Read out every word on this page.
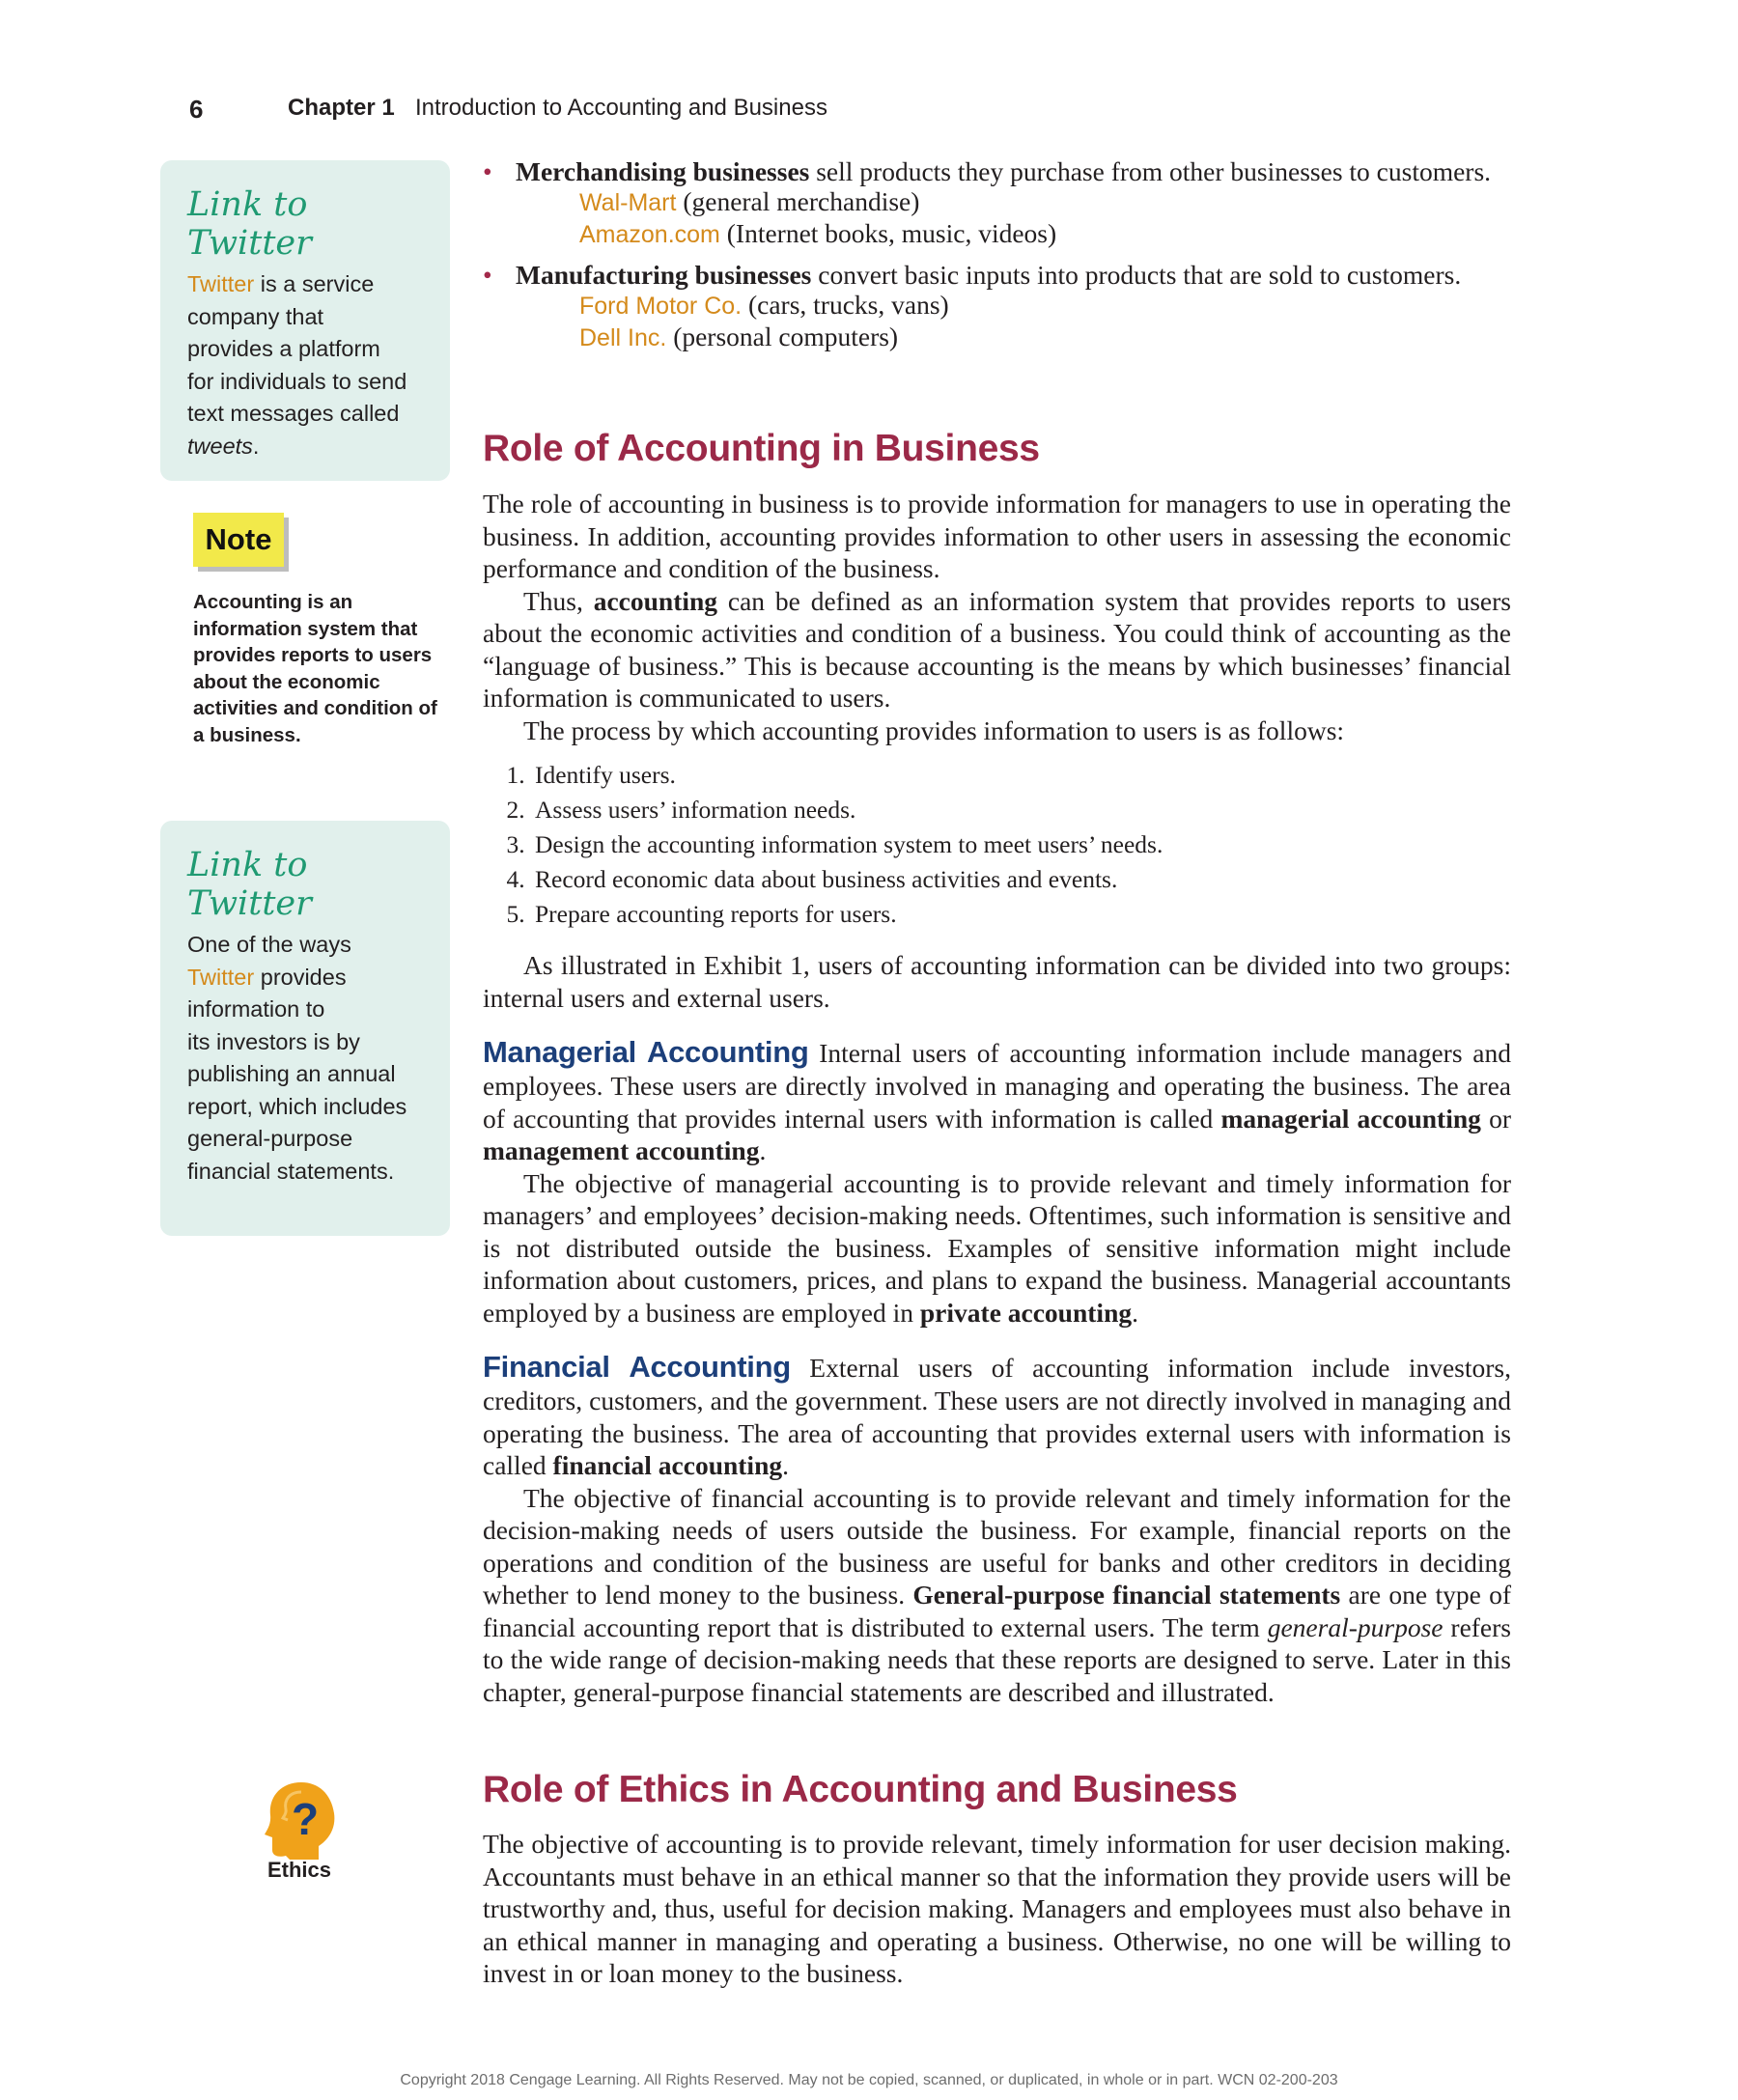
6	Chapter 1 Introduction to Accounting and Business
Link to
Twitter
Twitter is a service
company that
provides a platform
for individuals to send
text messages called
tweets.
Note
Accounting is an
information system that
provides reports to users
about the economic
activities and condition of
a business.
Link to
Twitter
One of the ways
Twitter provides
information to
its investors is by
publishing an annual
report, which includes
general-purpose
financial statements.
?
Ethics
• Merchandising businesses sell products they purchase from other businesses to customers.
Wal-Mart (general merchandise)
Amazon.com (Internet books, music, videos)
• Manufacturing businesses convert basic inputs into products that are sold to customers.
Ford Motor Co. (cars, trucks, vans)
Dell Inc. (personal computers)
Role of Accounting in Business

The role of accounting in business is to provide information for managers to use in operating the business. In addition, accounting provides information to other users in assessing the economic performance and condition of the business.

Thus, accounting can be defined as an information system that provides reports to users about the economic activities and condition of a business. You could think of accounting as the “language of business.” This is because accounting is the means by which businesses’ financial information is communicated to users.

The process by which accounting provides information to users is as follows:

1. Identify users.
2. Assess users’ information needs.
3. Design the accounting information system to meet users’ needs.
4. Record economic data about business activities and events.
5. Prepare accounting reports for users.

As illustrated in Exhibit 1, users of accounting information can be divided into two groups: internal users and external users.

Managerial Accounting Internal users of accounting information include managers and employees. These users are directly involved in managing and operating the business. The area of accounting that provides internal users with information is called managerial accounting or management accounting.

The objective of managerial accounting is to provide relevant and timely information for managers’ and employees’ decision-making needs. Oftentimes, such information is sensitive and is not distributed outside the business. Examples of sensitive information might include information about customers, prices, and plans to expand the business. Managerial accountants employed by a business are employed in private accounting.

Financial Accounting External users of accounting information include investors, creditors, customers, and the government. These users are not directly involved in managing and operating the business. The area of accounting that provides external users with information is called financial accounting.

The objective of financial accounting is to provide relevant and timely information for the decision-making needs of users outside the business. For example, financial reports on the operations and condition of the business are useful for banks and other creditors in deciding whether to lend money to the business. General-purpose financial statements are one type of financial accounting report that is distributed to external users. The term general-purpose refers to the wide range of decision-making needs that these reports are designed to serve. Later in this chapter, general-purpose financial statements are described and illustrated.

Role of Ethics in Accounting and Business

The objective of accounting is to provide relevant, timely information for user decision making. Accountants must behave in an ethical manner so that the information they provide users will be trustworthy and, thus, useful for decision making. Managers and employees must also behave in an ethical manner in managing and operating a business. Otherwise, no one will be willing to invest in or loan money to the business.

Copyright 2018 Cengage Learning. All Rights Reserved. May not be copied, scanned, or duplicated, in whole or in part. WCN 02-200-203
